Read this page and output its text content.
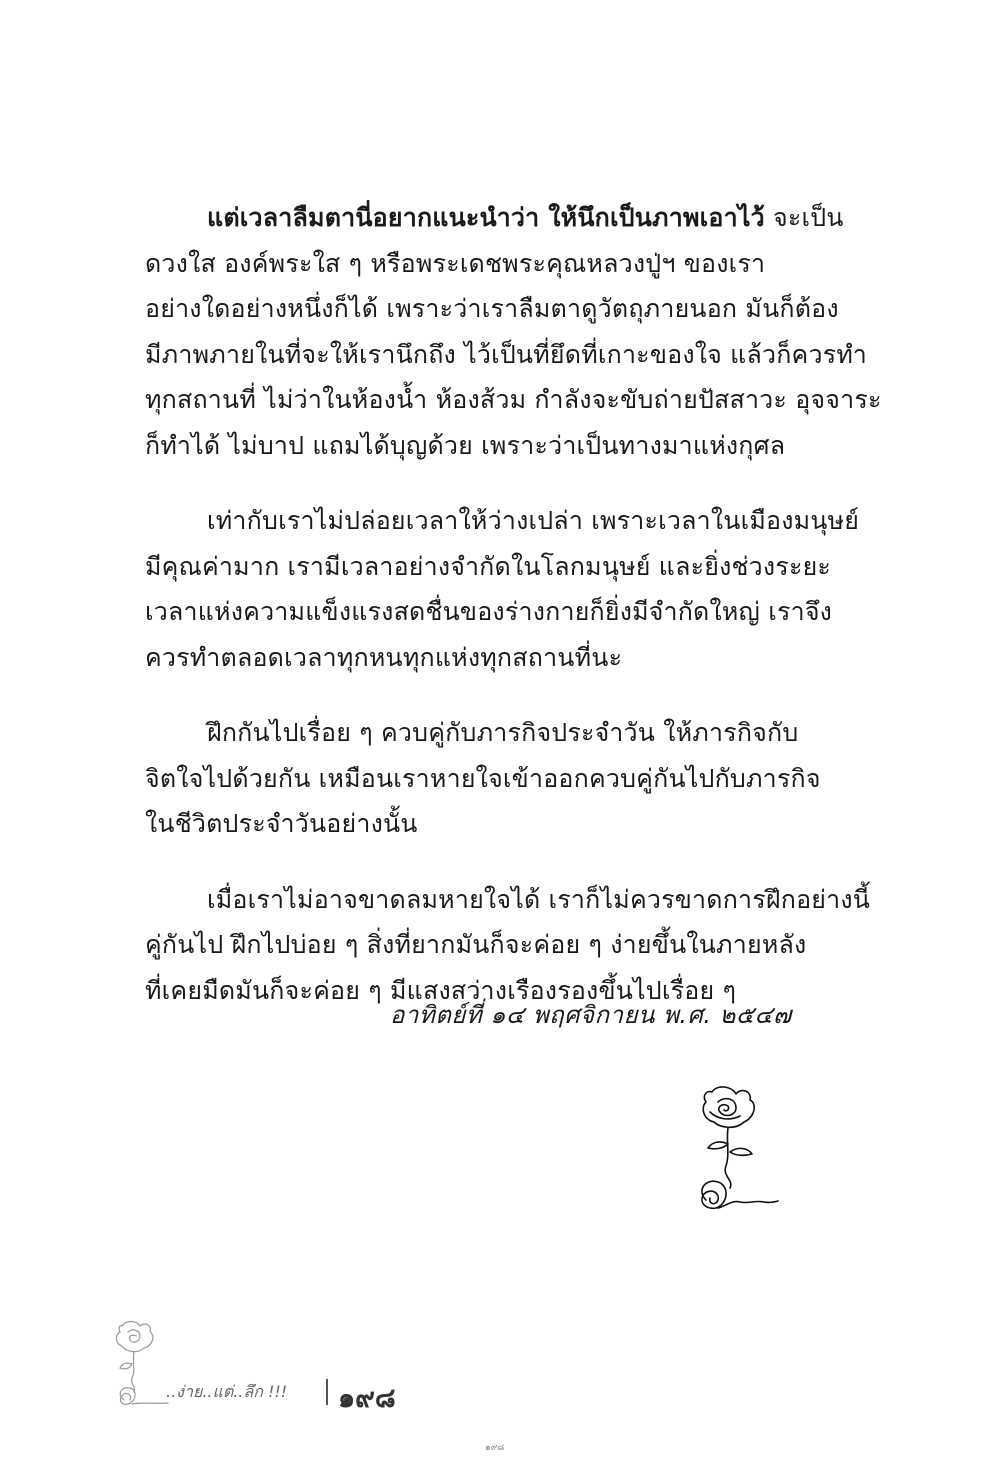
แต่เวลาลืมตานี่อยากแนะนำว่า ให้นึกเป็นภาพเอาไว้ จะเป็น
ดวงใส องค์พระใส ๆ หรือพระเดชพระคุณหลวงปู่ฯ ของเรา
อย่างใดอย่างหนึ่งก็ได้ เพราะว่าเราลืมตาดูวัตถุภายนอก มันก็ต้อง
มีภาพภายในที่จะให้เรานึกถึง ไว้เป็นที่ยึดที่เกาะของใจ แล้วก็ควรทำ
ทุกสถานที่ ไม่ว่าในห้องน้ำ ห้องส้วม กำลังจะขับถ่ายปัสสาวะ อุจจาระ
ก็ทำได้ ไม่บาป แถมได้บุญด้วย เพราะว่าเป็นทางมาแห่งกุศล
เท่ากับเราไม่ปล่อยเวลาให้ว่างเปล่า เพราะเวลาในเมืองมนุษย์
มีคุณค่ามาก เรามีเวลาอย่างจำกัดในโลกมนุษย์ และยิ่งช่วงระยะ
เวลาแห่งความแข็งแรงสดชื่นของร่างกายก็ยิ่งมีจำกัดใหญ่ เราจึง
ควรทำตลอดเวลาทุกหนทุกแห่งทุกสถานที่นะ
ฝึกกันไปเรื่อย ๆ ควบคู่กับภารกิจประจำวัน ให้ภารกิจกับ
จิตใจไปด้วยกัน เหมือนเราหายใจเข้าออกควบคู่กันไปกับภารกิจ
ในชีวิตประจำวันอย่างนั้น
เมื่อเราไม่อาจขาดลมหายใจได้ เราก็ไม่ควรขาดการฝึกอย่างนี้
คู่กันไป ฝึกไปบ่อย ๆ สิ่งที่ยากมันก็จะค่อย ๆ ง่ายขึ้นในภายหลัง
ที่เคยมืดมันก็จะค่อย ๆ มีแสงสว่างเรืองรองขึ้นไปเรื่อย ๆ
อาทิตย์ที่ ๑๔ พฤศจิกายน พ.ศ. ๒๕๔๗
..ง่าย..แต่..ลึก !!! ๑๙๘
๑๙๘
